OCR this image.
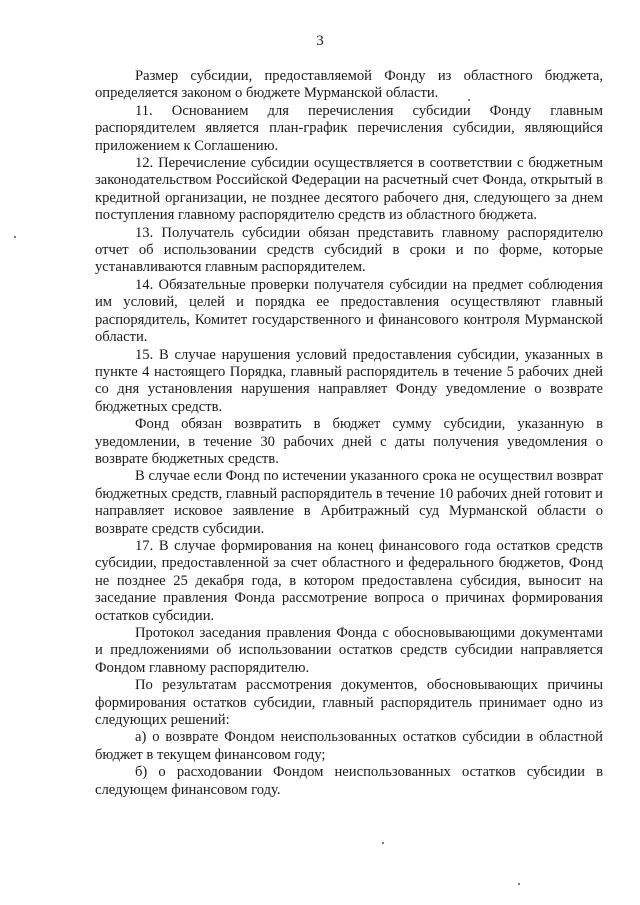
3

Размер субсидии, предоставляемой Фонду из областного бюджета, определяется законом о бюджете Мурманской области.

11. Основанием для перечисления субсидии Фонду главным распорядителем является план-график перечисления субсидии, являющийся приложением к Соглашению.

12. Перечисление субсидии осуществляется в соответствии с бюджетным законодательством Российской Федерации на расчетный счет Фонда, открытый в кредитной организации, не позднее десятого рабочего дня, следующего за днем поступления главному распорядителю средств из областного бюджета.

13. Получатель субсидии обязан представить главному распорядителю отчет об использовании средств субсидий в сроки и по форме, которые устанавливаются главным распорядителем.

14. Обязательные проверки получателя субсидии на предмет соблюдения им условий, целей и порядка ее предоставления осуществляют главный распорядитель, Комитет государственного и финансового контроля Мурманской области.

15. В случае нарушения условий предоставления субсидии, указанных в пункте 4 настоящего Порядка, главный распорядитель в течение 5 рабочих дней со дня установления нарушения направляет Фонду уведомление о возврате бюджетных средств.

Фонд обязан возвратить в бюджет сумму субсидии, указанную в уведомлении, в течение 30 рабочих дней с даты получения уведомления о возврате бюджетных средств.

В случае если Фонд по истечении указанного срока не осуществил возврат бюджетных средств, главный распорядитель в течение 10 рабочих дней готовит и направляет исковое заявление в Арбитражный суд Мурманской области о возврате средств субсидии.

17. В случае формирования на конец финансового года остатков средств субсидии, предоставленной за счет областного и федерального бюджетов, Фонд не позднее 25 декабря года, в котором предоставлена субсидия, выносит на заседание правления Фонда рассмотрение вопроса о причинах формирования остатков субсидии.

Протокол заседания правления Фонда с обосновывающими документами и предложениями об использовании остатков средств субсидии направляется Фондом главному распорядителю.

По результатам рассмотрения документов, обосновывающих причины формирования остатков субсидии, главный распорядитель принимает одно из следующих решений:

а) о возврате Фондом неиспользованных остатков субсидии в областной бюджет в текущем финансовом году;

б) о расходовании Фондом неиспользованных остатков субсидии в следующем финансовом году.
